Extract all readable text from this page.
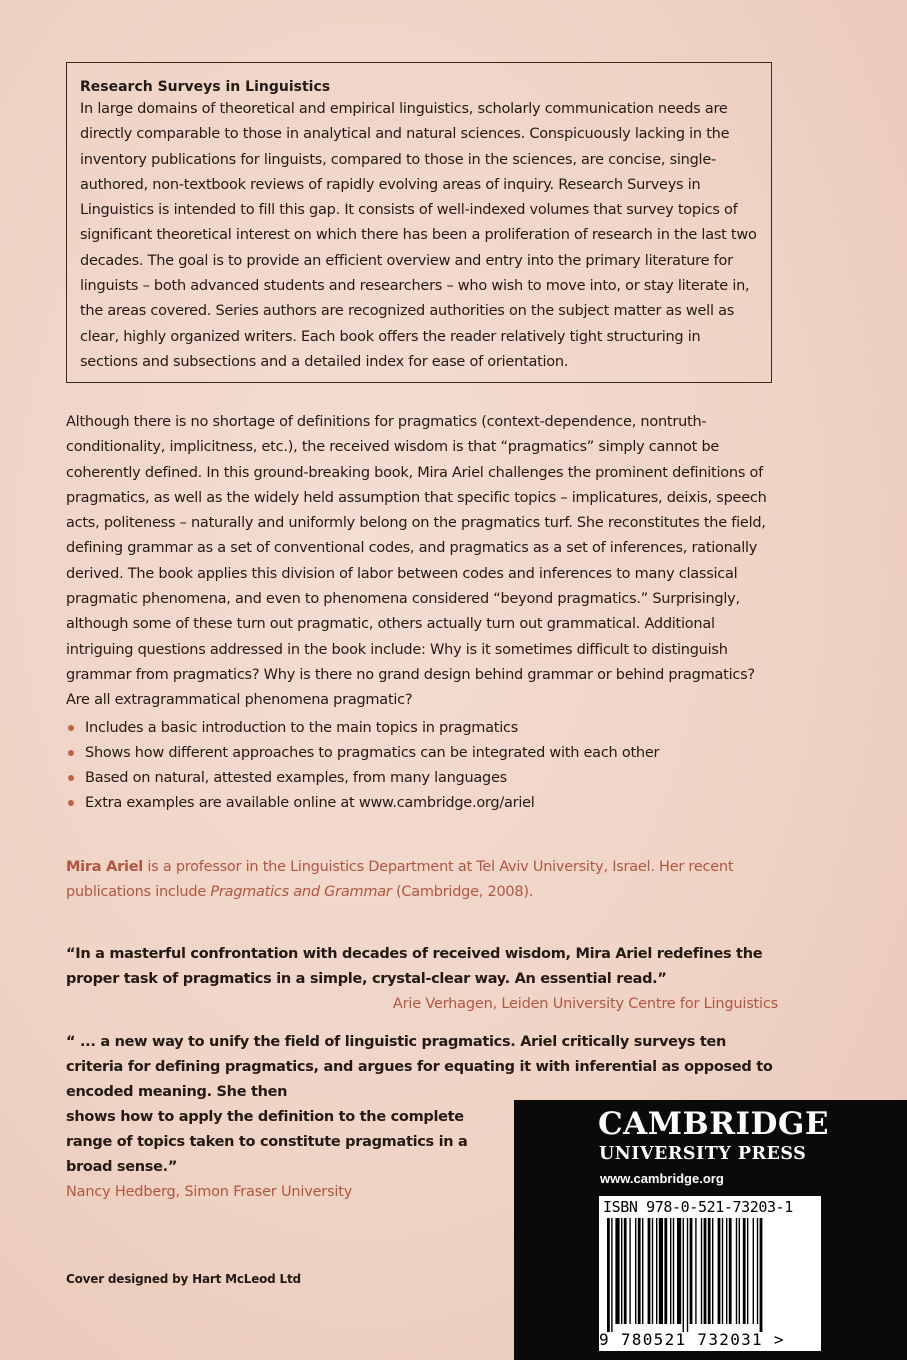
Research Surveys in Linguistics
In large domains of theoretical and empirical linguistics, scholarly communication needs are directly comparable to those in analytical and natural sciences. Conspicuously lacking in the inventory publications for linguists, compared to those in the sciences, are concise, single-authored, non-textbook reviews of rapidly evolving areas of inquiry. Research Surveys in Linguistics is intended to fill this gap. It consists of well-indexed volumes that survey topics of significant theoretical interest on which there has been a proliferation of research in the last two decades. The goal is to provide an efficient overview and entry into the primary literature for linguists – both advanced students and researchers – who wish to move into, or stay literate in, the areas covered. Series authors are recognized authorities on the subject matter as well as clear, highly organized writers. Each book offers the reader relatively tight structuring in sections and subsections and a detailed index for ease of orientation.
Although there is no shortage of definitions for pragmatics (context-dependence, nontruth-conditionality, implicitness, etc.), the received wisdom is that “pragmatics” simply cannot be coherently defined. In this ground-breaking book, Mira Ariel challenges the prominent definitions of pragmatics, as well as the widely held assumption that specific topics – implicatures, deixis, speech acts, politeness – naturally and uniformly belong on the pragmatics turf. She reconstitutes the field, defining grammar as a set of conventional codes, and pragmatics as a set of inferences, rationally derived. The book applies this division of labor between codes and inferences to many classical pragmatic phenomena, and even to phenomena considered “beyond pragmatics.” Surprisingly, although some of these turn out pragmatic, others actually turn out grammatical. Additional intriguing questions addressed in the book include: Why is it sometimes difficult to distinguish grammar from pragmatics? Why is there no grand design behind grammar or behind pragmatics? Are all extragrammatical phenomena pragmatic?
Includes a basic introduction to the main topics in pragmatics
Shows how different approaches to pragmatics can be integrated with each other
Based on natural, attested examples, from many languages
Extra examples are available online at www.cambridge.org/ariel
Mira Ariel is a professor in the Linguistics Department at Tel Aviv University, Israel. Her recent publications include Pragmatics and Grammar (Cambridge, 2008).
“In a masterful confrontation with decades of received wisdom, Mira Ariel redefines the proper task of pragmatics in a simple, crystal-clear way. An essential read.”
Arie Verhagen, Leiden University Centre for Linguistics
“ ... a new way to unify the field of linguistic pragmatics. Ariel critically surveys ten criteria for defining pragmatics, and argues for equating it with inferential as opposed to encoded meaning. She then
shows how to apply the definition to the complete range of topics taken to constitute pragmatics in a broad sense.”
Nancy Hedberg, Simon Fraser University
Cover designed by Hart McLeod Ltd
CAMBRIDGE
UNIVERSITY PRESS
www.cambridge.org
ISBN 978-0-521-73203-1
9 780521 732031 >
